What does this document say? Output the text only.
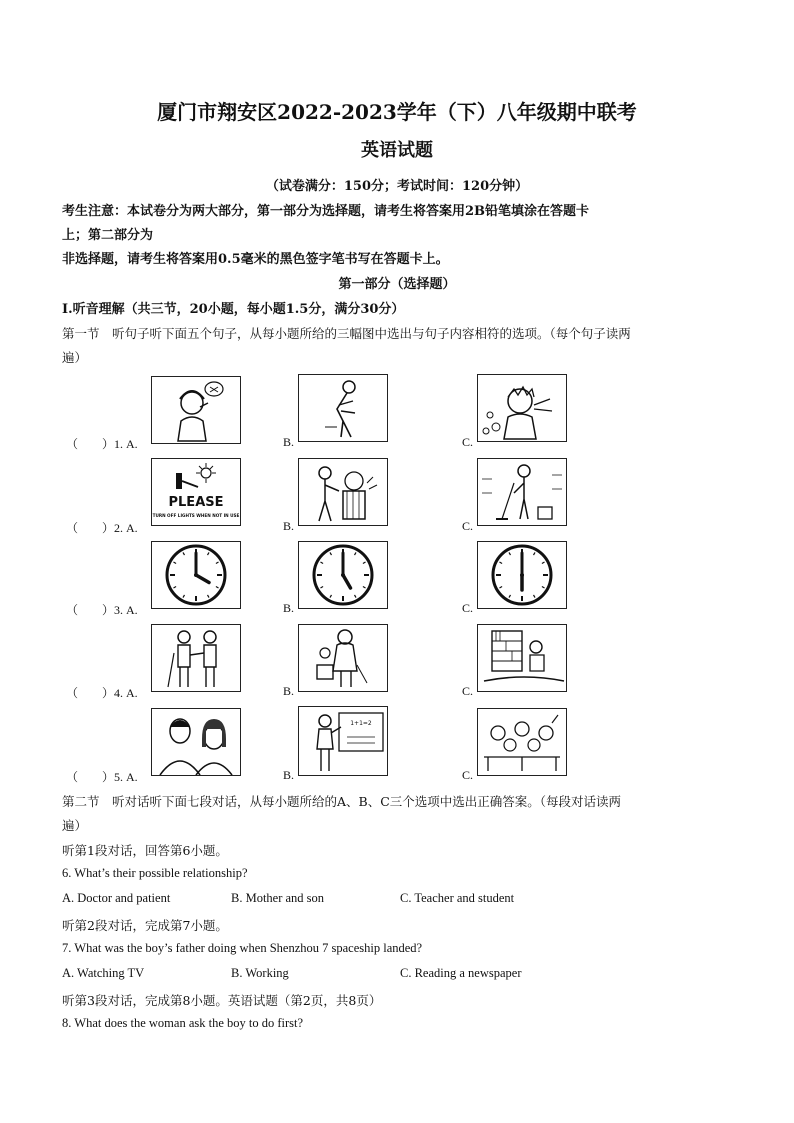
厦门市翔安区2022-2023学年（下）八年级期中联考
英语试题
（试卷满分：150分；考试时间：120分钟）
考生注意：本试卷分为两大部分，第一部分为选择题，请考生将答案用2B铅笔填涂在答题卡
上；第二部分为
非选择题，请考生将答案用0.5毫米的黑色签字笔书写在答题卡上。
第一部分（选择题）
I.听音理解（共三节，20小题，每小题1.5分，满分30分）
第一节　听句子听下面五个句子，从每小题所给的三幅图中选出与句子内容相符的选项。（每个句子读两
遍）
（　　）1. A.	B.	C.
（　　）2. A.
PLEASE
TURN OFF LIGHTS WHEN NOT IN USE
B.	C.
（　　）3. A.	B.	C.
（　　）4. A.	B.	C.
（　　）5. A.	B.
1+1=2
C.
第二节　听对话听下面七段对话，从每小题所给的A、B、C三个选项中选出正确答案。（每段对话读两
遍）
听第1段对话，回答第6小题。
6. What’s their possible relationship?
A. Doctor and patient	B. Mother and son	C. Teacher and student
听第2段对话，完成第7小题。
7. What was the boy’s father doing when Shenzhou 7 spaceship landed?
A. Watching TV	B. Working	C. Reading a newspaper
听第3段对话，完成第8小题。英语试题（第2页，共8页）
8. What does the woman ask the boy to do first?
